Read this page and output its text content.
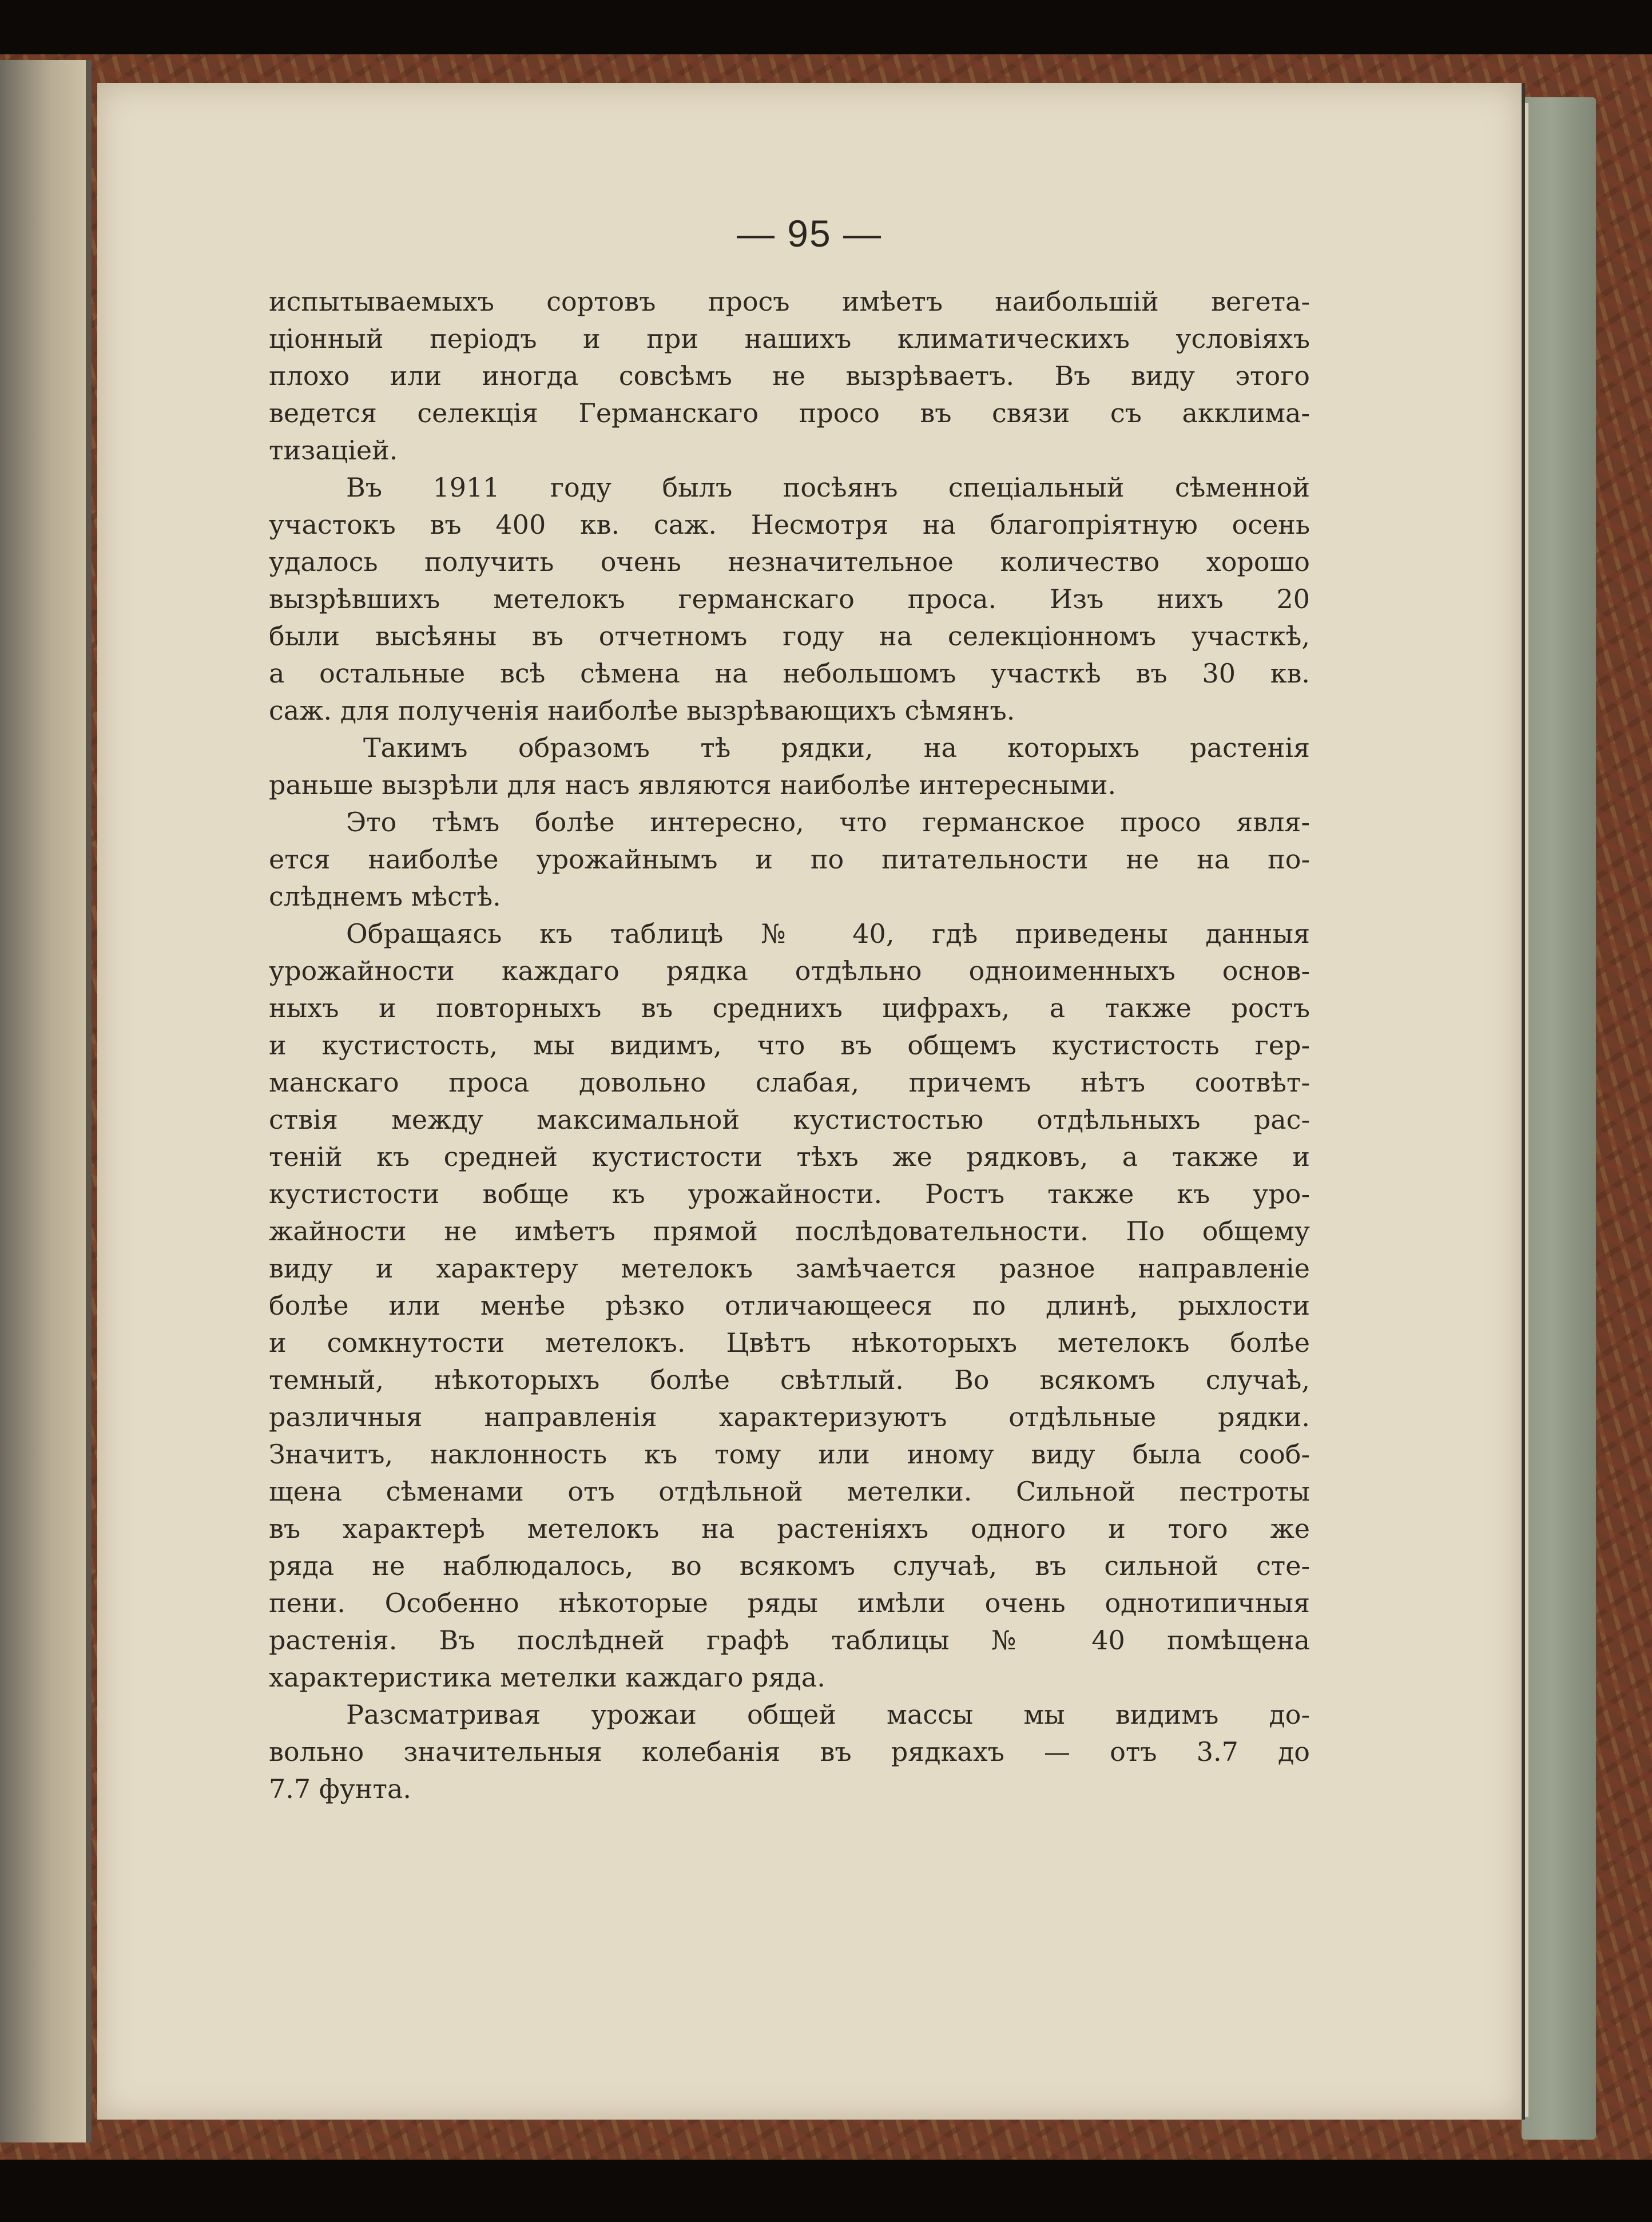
— 95 —
испытываемыхъ сортовъ просъ имѣетъ наибольшій вегета-
ціонный періодъ и при нашихъ климатическихъ условіяхъ
плохо или иногда совсѣмъ не вызрѣваетъ. Въ виду этого
ведется селекція Германскаго просо въ связи съ акклима-
тизаціей.
Въ 1911 году былъ посѣянъ спеціальный сѣменной
участокъ въ 400 кв. саж. Несмотря на благопріятную осень
удалось получить очень незначительное количество хорошо
вызрѣвшихъ метелокъ германскаго проса. Изъ нихъ 20
были высѣяны въ отчетномъ году на селекціонномъ участкѣ,
а остальные всѣ сѣмена на небольшомъ участкѣ въ 30 кв.
саж. для полученія наиболѣе вызрѣвающихъ сѣмянъ.
Такимъ образомъ тѣ рядки, на которыхъ растенія
раньше вызрѣли для насъ являются наиболѣе интересными.
Это тѣмъ болѣе интересно, что германское просо явля-
ется наиболѣе урожайнымъ и по питательности не на по-
слѣднемъ мѣстѣ.
Обращаясь къ таблицѣ № 40, гдѣ приведены данныя
урожайности каждаго рядка отдѣльно одноименныхъ основ-
ныхъ и повторныхъ въ среднихъ цифрахъ, а также ростъ
и кустистость, мы видимъ, что въ общемъ кустистость гер-
манскаго проса довольно слабая, причемъ нѣтъ соотвѣт-
ствія между максимальной кустистостью отдѣльныхъ рас-
теній къ средней кустистости тѣхъ же рядковъ, а также и
кустистости вобще къ урожайности. Ростъ также къ уро-
жайности не имѣетъ прямой послѣдовательности. По общему
виду и характеру метелокъ замѣчается разное направленіе
болѣе или менѣе рѣзко отличающееся по длинѣ, рыхлости
и сомкнутости метелокъ. Цвѣтъ нѣкоторыхъ метелокъ болѣе
темный, нѣкоторыхъ болѣе свѣтлый. Во всякомъ случаѣ,
различныя направленія характеризуютъ отдѣльные рядки.
Значитъ, наклонность къ тому или иному виду была сооб-
щена сѣменами отъ отдѣльной метелки. Сильной пестроты
въ характерѣ метелокъ на растеніяхъ одного и того же
ряда не наблюдалось, во всякомъ случаѣ, въ сильной сте-
пени. Особенно нѣкоторые ряды имѣли очень однотипичныя
растенія. Въ послѣдней графѣ таблицы № 40 помѣщена
характеристика метелки каждаго ряда.
Разсматривая урожаи общей массы мы видимъ до-
вольно значительныя колебанія въ рядкахъ — отъ 3.7 до
7.7 фунта.
